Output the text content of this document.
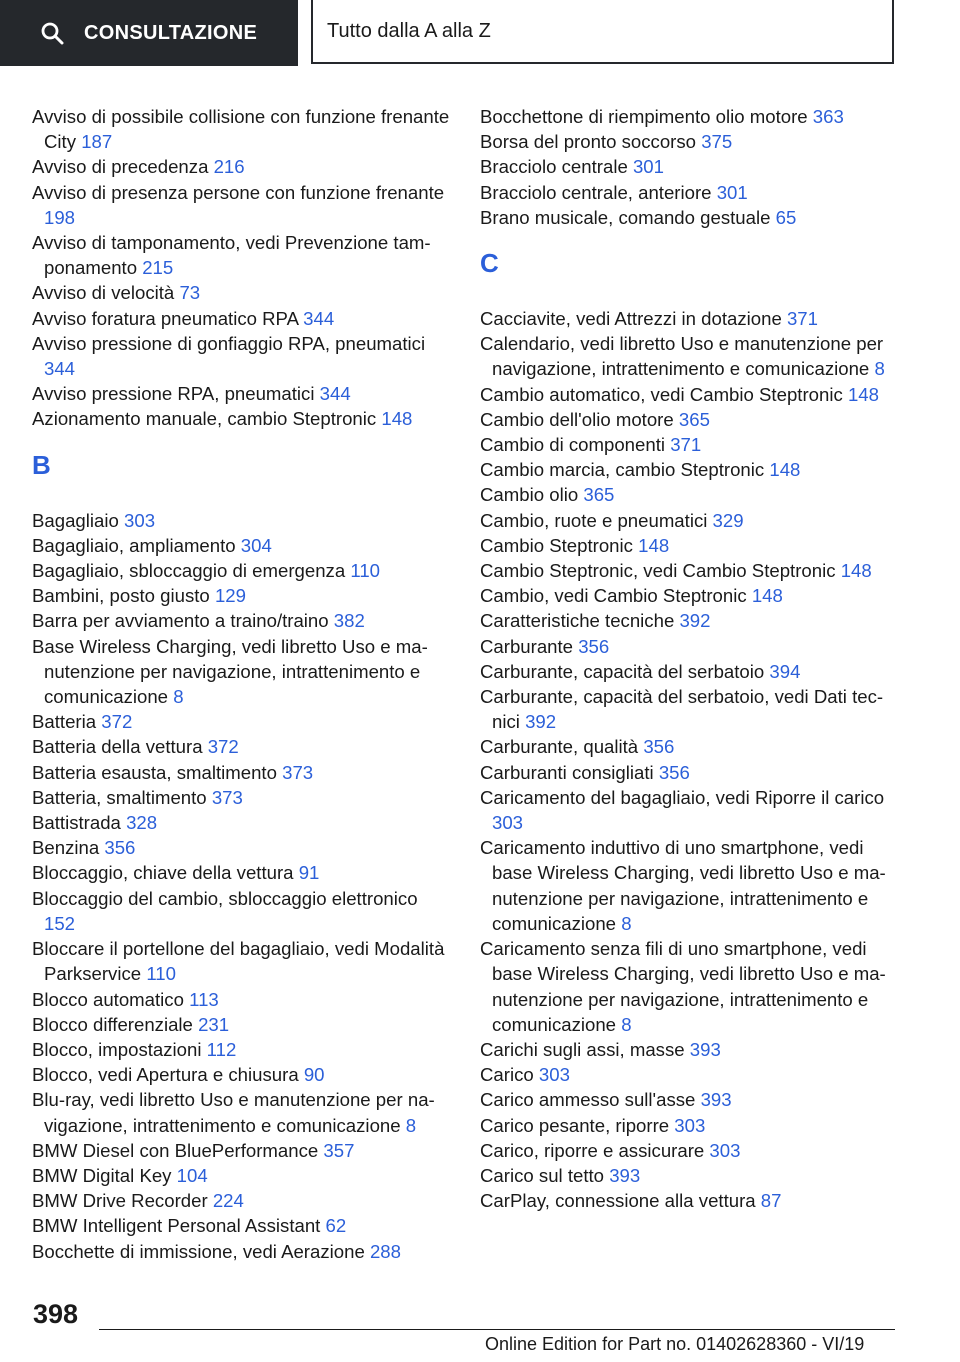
CONSULTAZIONE	Tutto dalla A alla Z

Avviso di possibile collisione con funzione frenante City 187

Avviso di precedenza 216

Avviso di presenza persone con funzione frenante 198

Avviso di tamponamento, vedi Prevenzione tamponamento 215

Avviso di velocità 73

Avviso foratura pneumatico RPA 344

Avviso pressione di gonfiaggio RPA, pneumatici 344

Avviso pressione RPA, pneumatici 344

Azionamento manuale, cambio Steptronic 148

B

Bagagliaio 303

Bagagliaio, ampliamento 304

Bagagliaio, sbloccaggio di emergenza 110

Bambini, posto giusto 129

Barra per avviamento a traino/traino 382

Base Wireless Charging, vedi libretto Uso e manutenzione per navigazione, intrattenimento e comunicazione 8

Batteria 372

Batteria della vettura 372

Batteria esausta, smaltimento 373

Batteria, smaltimento 373

Battistrada 328

Benzina 356

Bloccaggio, chiave della vettura 91

Bloccaggio del cambio, sbloccaggio elettronico 152

Bloccare il portellone del bagagliaio, vedi Modalità Parkservice 110

Blocco automatico 113

Blocco differenziale 231

Blocco, impostazioni 112

Blocco, vedi Apertura e chiusura 90

Blu-ray, vedi libretto Uso e manutenzione per navigazione, intrattenimento e comunicazione 8

BMW Diesel con BluePerformance 357

BMW Digital Key 104

BMW Drive Recorder 224

BMW Intelligent Personal Assistant 62

Bocchette di immissione, vedi Aerazione 288

Bocchettone di riempimento olio motore 363

Borsa del pronto soccorso 375

Bracciolo centrale 301

Bracciolo centrale, anteriore 301

Brano musicale, comando gestuale 65

C

Cacciavite, vedi Attrezzi in dotazione 371

Calendario, vedi libretto Uso e manutenzione per navigazione, intrattenimento e comunicazione 8

Cambio automatico, vedi Cambio Steptronic 148

Cambio dell'olio motore 365

Cambio di componenti 371

Cambio marcia, cambio Steptronic 148

Cambio olio 365

Cambio, ruote e pneumatici 329

Cambio Steptronic 148

Cambio Steptronic, vedi Cambio Steptronic 148

Cambio, vedi Cambio Steptronic 148

Caratteristiche tecniche 392

Carburante 356

Carburante, capacità del serbatoio 394

Carburante, capacità del serbatoio, vedi Dati tecnici 392

Carburante, qualità 356

Carburanti consigliati 356

Caricamento del bagagliaio, vedi Riporre il carico 303

Caricamento induttivo di uno smartphone, vedi base Wireless Charging, vedi libretto Uso e manutenzione per navigazione, intrattenimento e comunicazione 8

Caricamento senza fili di uno smartphone, vedi base Wireless Charging, vedi libretto Uso e manutenzione per navigazione, intrattenimento e comunicazione 8

Carichi sugli assi, masse 393

Carico 303

Carico ammesso sull'asse 393

Carico pesante, riporre 303

Carico, riporre e assicurare 303

Carico sul tetto 393

CarPlay, connessione alla vettura 87

398
Online Edition for Part no. 01402628360 - VI/19
